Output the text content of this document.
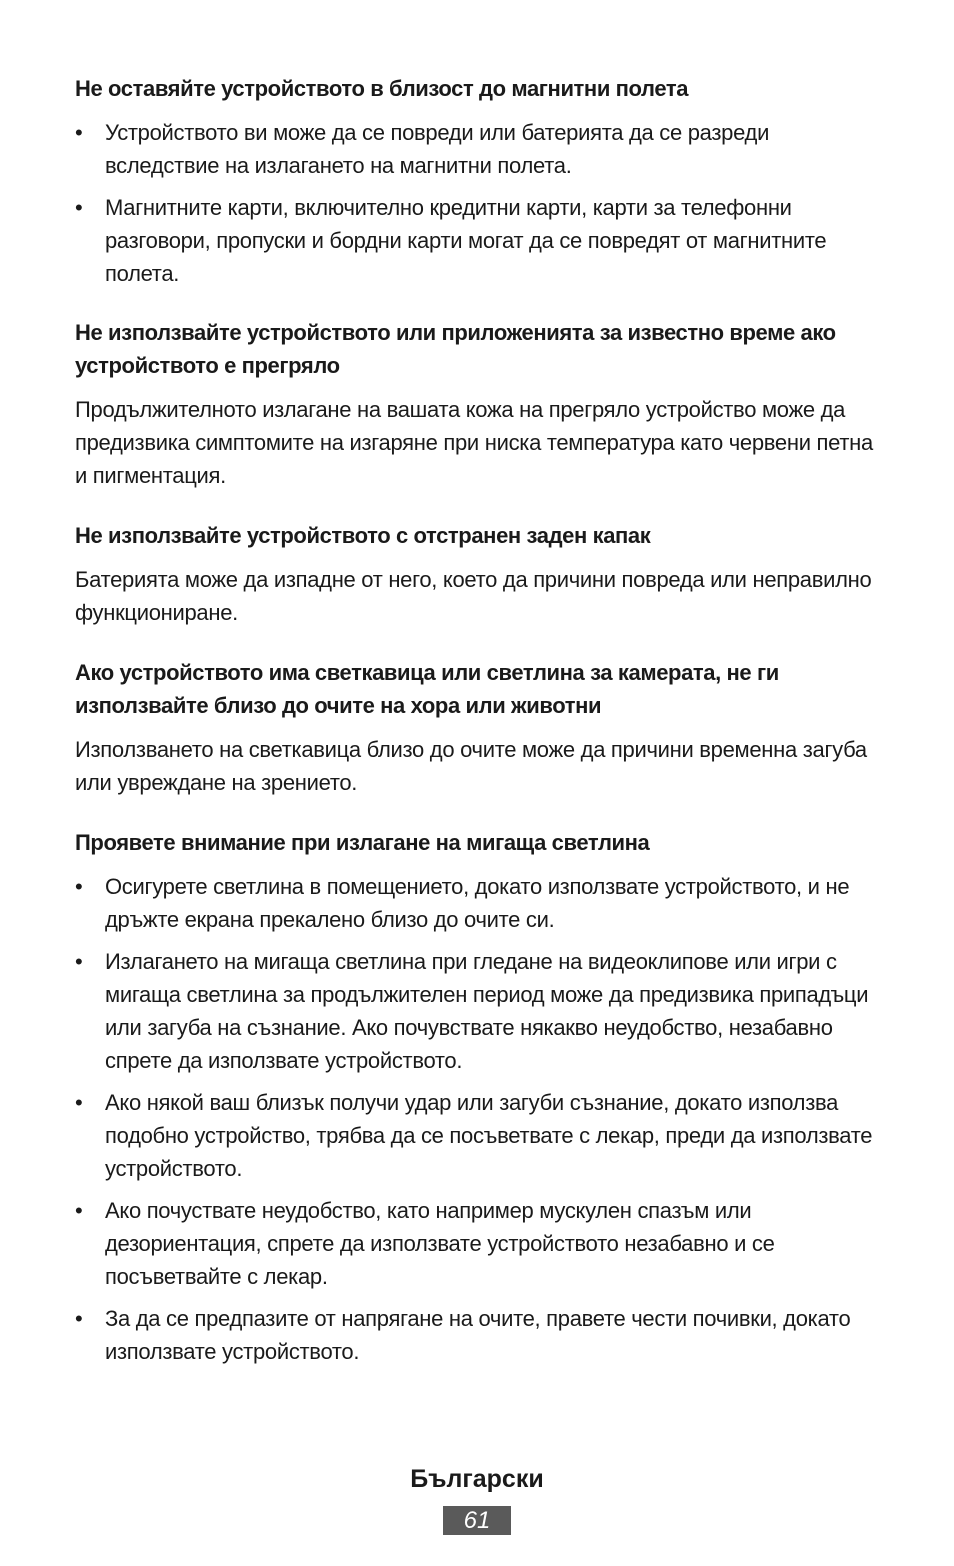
Не оставяйте устройството в близост до магнитни полета
• Устройството ви може да се повреди или батерията да се разреди вследствие на излагането на магнитни полета.
• Магнитните карти, включително кредитни карти, карти за телефонни разговори, пропуски и бордни карти могат да се повредят от магнитните полета.
Не използвайте устройството или приложенията за известно време ако устройството е прегряло

Продължителното излагане на вашата кожа на прегряло устройство може да предизвика симптомите на изгаряне при ниска температура като червени петна и пигментация.

Не използвайте устройството с отстранен заден капак

Батерията може да изпадне от него, което да причини повреда или неправилно функциониране.

Ако устройството има светкавица или светлина за камерата, не ги използвайте близо до очите на хора или животни

Използването на светкавица близо до очите може да причини временна загуба или увреждане на зрението.

Проявете внимание при излагане на мигаща светлина
• Осигурете светлина в помещението, докато използвате устройството, и не дръжте екрана прекалено близо до очите си.
• Излагането на мигаща светлина при гледане на видеоклипове или игри с мигаща светлина за продължителен период може да предизвика припадъци или загуба на съзнание. Ако почувствате някакво неудобство, незабавно спрете да използвате устройството.
• Ако някой ваш близък получи удар или загуби съзнание, докато използва подобно устройство, трябва да се посъветвате с лекар, преди да използвате устройството.
• Ако почуствате неудобство, като например мускулен спазъм или дезориентация, спрете да използвате устройството незабавно и се посъветвайте с лекар.
• За да се предпазите от напрягане на очите, правете чести почивки, докато използвате устройството.
Български
61
